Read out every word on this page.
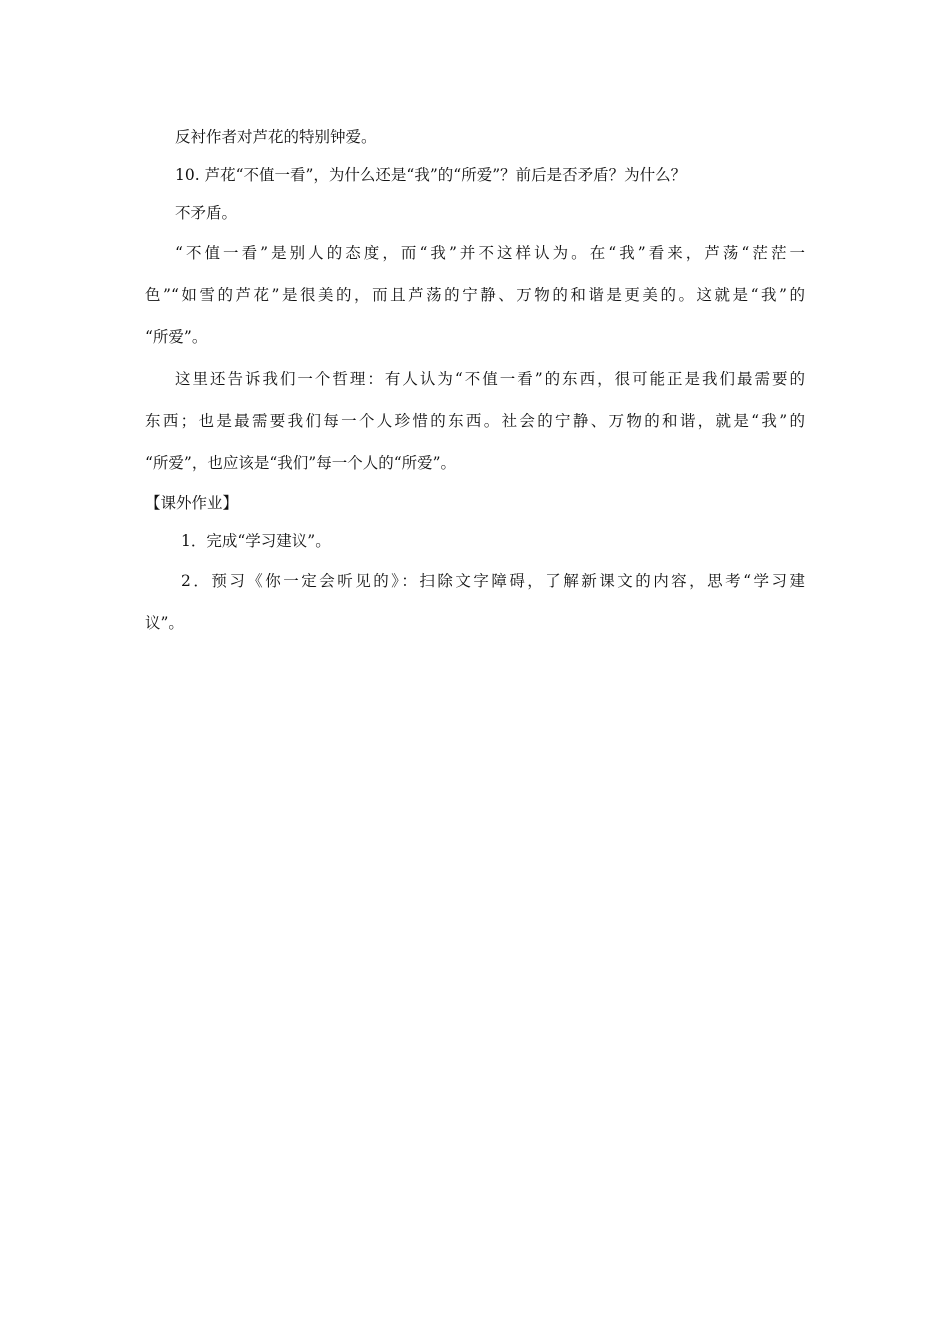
反衬作者对芦花的特别钟爱。

10. 芦花“不值一看”，为什么还是“我”的“所爱”？前后是否矛盾？为什么？

不矛盾。

“不值一看”是别人的态度，而“我”并不这样认为。在“我”看来，芦荡“茫茫一
色”“如雪的芦花”是很美的，而且芦荡的宁静、万物的和谐是更美的。这就是“我”的
“所爱”。
这里还告诉我们一个哲理：有人认为“不值一看”的东西，很可能正是我们最需要的
东西；也是最需要我们每一个人珍惜的东西。社会的宁静、万物的和谐，就是“我”的
“所爱”，也应该是“我们”每一个人的“所爱”。

【课外作业】

1．完成“学习建议”。

2．预习《你一定会听见的》：扫除文字障碍，了解新课文的内容，思考“学习建
议”。
